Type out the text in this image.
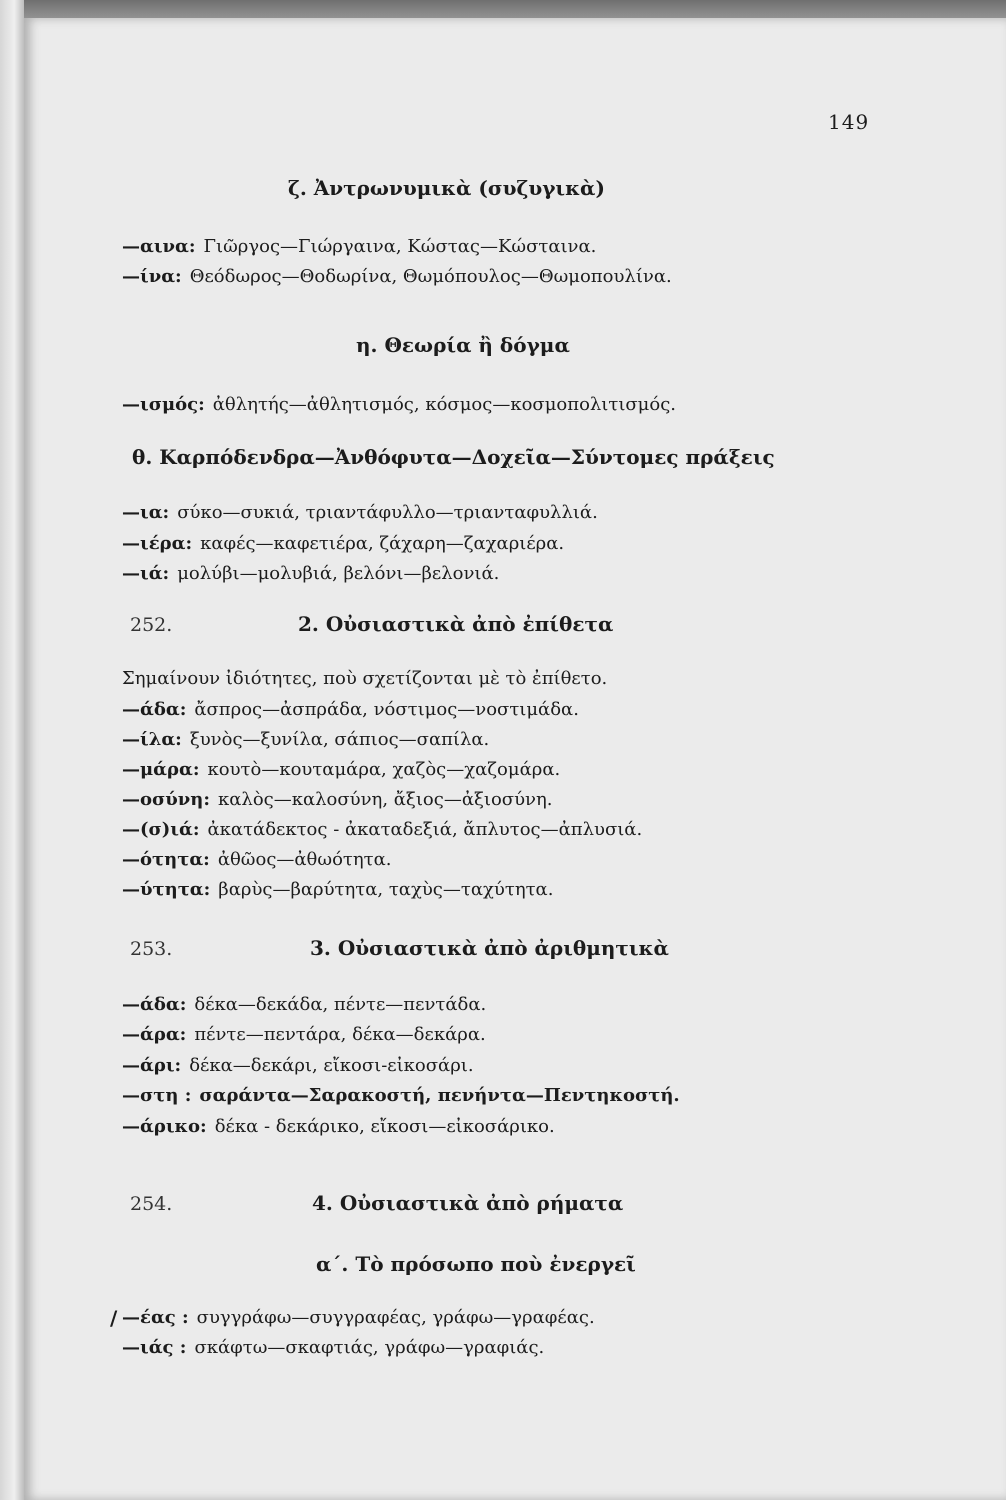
149
ζ. Ἀντρωνυμικὰ (συζυγικὰ)
—αινα: Γιῶργος—Γιώργαινα, Κώστας—Κώσταινα.
—ίνα: Θεόδωρος—Θοδωρίνα, Θωμόπουλος—Θωμοπουλίνα.
η. Θεωρία ἢ δόγμα
—ισμός: ἀθλητής—ἀθλητισμός, κόσμος—κοσμοπολιτισμός.
θ. Καρπόδενδρα—Ἀνθόφυτα—Δοχεῖα—Σύντομες πράξεις
—ια: σύκο—συκιά, τριαντάφυλλο—τριανταφυλλιά.
—ιέρα: καφές—καφετιέρα, ζάχαρη—ζαχαριέρα.
—ιά: μολύβι—μολυβιά, βελόνι—βελονιά.
252.	2. Οὐσιαστικὰ ἀπὸ ἐπίθετα
Σημαίνουν ἰδιότητες, ποὺ σχετίζονται μὲ τὸ ἐπίθετο.
—άδα: ἄσπρος—ἀσπράδα, νόστιμος—νοστιμάδα.
—ίλα: ξυνὸς—ξυνίλα, σάπιος—σαπίλα.
—μάρα: κουτὸ—κουταμάρα, χαζὸς—χαζομάρα.
—οσύνη: καλὸς—καλοσύνη, ἄξιος—ἀξιοσύνη.
—(σ)ιά: ἀκατάδεκτος - ἀκαταδεξιά, ἄπλυτος—ἀπλυσιά.
—ότητα: ἀθῶος—ἀθωότητα.
—ύτητα: βαρὺς—βαρύτητα, ταχὺς—ταχύτητα.
253.	3. Οὐσιαστικὰ ἀπὸ ἀριθμητικὰ
—άδα: δέκα—δεκάδα, πέντε—πεντάδα.
—άρα: πέντε—πεντάρα, δέκα—δεκάρα.
—άρι: δέκα—δεκάρι, εἴκοσι-εἰκοσάρι.
—στη : σαράντα—Σαρακοστή, πενήντα—Πεντηκοστή.
—άρικο: δέκα - δεκάρικο, εἴκοσι—εἰκοσάρικο.
254.	4. Οὐσιαστικὰ ἀπὸ ρήματα
α΄. Τὸ πρόσωπο ποὺ ἐνεργεῖ
/ —έας : συγγράφω—συγγραφέας, γράφω—γραφέας.
—ιάς : σκάφτω—σκαφτιάς, γράφω—γραφιάς.
